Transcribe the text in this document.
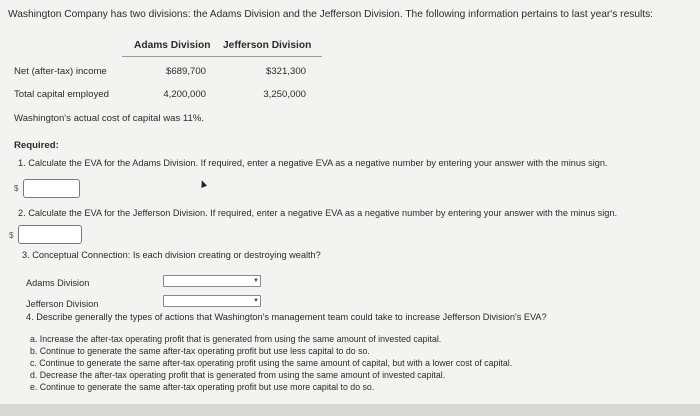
Washington Company has two divisions: the Adams Division and the Jefferson Division. The following information pertains to last year's results:
Adams Division Jefferson Division
Net (after-tax) income	$689,700	$321,300
Total capital employed	4,200,000	3,250,000
Washington's actual cost of capital was 11%.
Required:
1. Calculate the EVA for the Adams Division. If required, enter a negative EVA as a negative number by entering your answer with the minus sign.
$
2. Calculate the EVA for the Jefferson Division. If required, enter a negative EVA as a negative number by entering your answer with the minus sign.
$
3. Conceptual Connection: Is each division creating or destroying wealth?
Adams Division	▼
Jefferson Division	▼
4. Describe generally the types of actions that Washington's management team could take to increase Jefferson Division's EVA?
a. Increase the after-tax operating profit that is generated from using the same amount of invested capital.
b. Continue to generate the same after-tax operating profit but use less capital to do so.
c. Continue to generate the same after-tax operating profit using the same amount of capital, but with a lower cost of capital.
d. Decrease the after-tax operating profit that is generated from using the same amount of invested capital.
e. Continue to generate the same after-tax operating profit but use more capital to do so.
